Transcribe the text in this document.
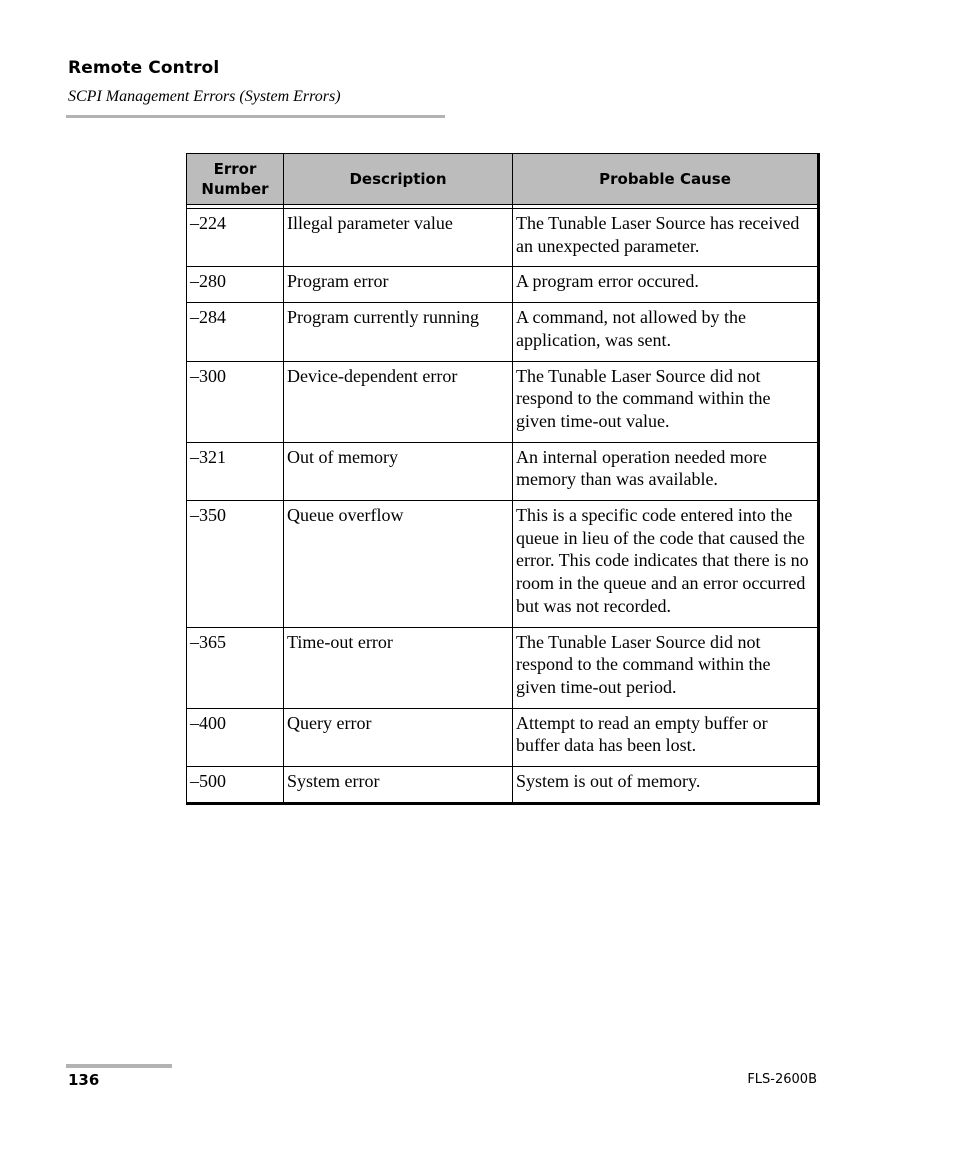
Remote Control
SCPI Management Errors (System Errors)
Error Number	Description	Probable Cause

–224	Illegal parameter value	The Tunable Laser Source has received an unexpected parameter.
–280	Program error	A program error occured.
–284	Program currently running	A command, not allowed by the application, was sent.
–300	Device-dependent error	The Tunable Laser Source did not respond to the command within the given time-out value.
–321	Out of memory	An internal operation needed more memory than was available.
–350	Queue overflow	This is a specific code entered into the queue in lieu of the code that caused the error. This code indicates that there is no room in the queue and an error occurred but was not recorded.
–365	Time-out error	The Tunable Laser Source did not respond to the command within the given time-out period.
–400	Query error	Attempt to read an empty buffer or buffer data has been lost.
–500	System error	System is out of memory.
136	FLS-2600B
